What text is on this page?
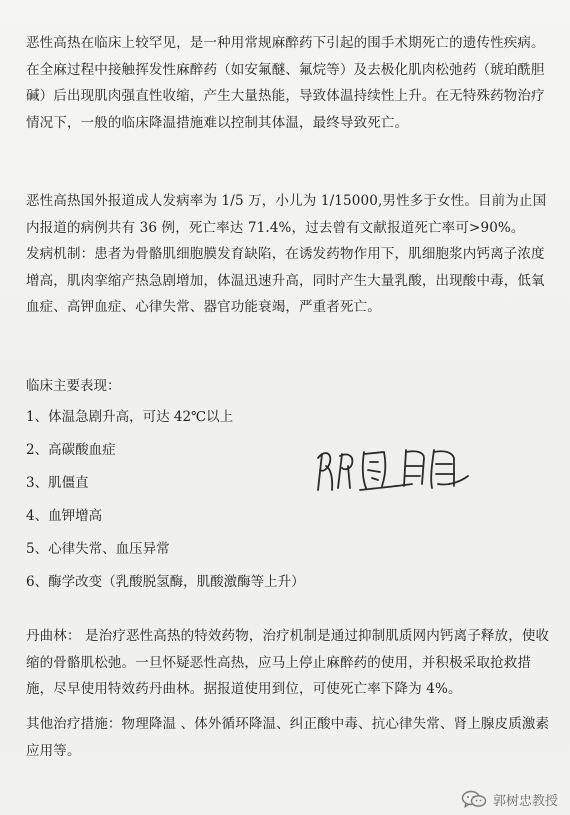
恶性高热在临床上较罕见，是一种用常规麻醉药下引起的围手术期死亡的遗传性疾病。在全麻过程中接触挥发性麻醉药（如安氟醚、氟烷等）及去极化肌肉松弛药（琥珀酰胆碱）后出现肌肉强直性收缩，产生大量热能，导致体温持续性上升。在无特殊药物治疗情况下，一般的临床降温措施难以控制其体温，最终导致死亡。

恶性高热国外报道成人发病率为 1/5 万，小儿为 1/15000,男性多于女性。目前为止国内报道的病例共有 36 例，死亡率达 71.4%，过去曾有文献报道死亡率可>90%。

发病机制：患者为骨骼肌细胞膜发育缺陷，在诱发药物作用下，肌细胞浆内钙离子浓度增高，肌肉挛缩产热急剧增加，体温迅速升高，同时产生大量乳酸，出现酸中毒，低氧血症、高钾血症、心律失常、器官功能衰竭，严重者死亡。

临床主要表现：
1、体温急剧升高，可达 42℃以上
2、高碳酸血症
3、肌僵直
4、血钾增高
5、心律失常、血压异常
6、酶学改变（乳酸脱氢酶，肌酸激酶等上升）

丹曲林： 是治疗恶性高热的特效药物，治疗机制是通过抑制肌质网内钙离子释放，使收缩的骨骼肌松弛。一旦怀疑恶性高热，应马上停止麻醉药的使用，并积极采取抢救措施，尽早使用特效药丹曲林。据报道使用到位，可使死亡率下降为 4%。

其他治疗措施：物理降温 、体外循环降温、纠正酸中毒、抗心律失常、肾上腺皮质激素应用等。

郭树忠教授
